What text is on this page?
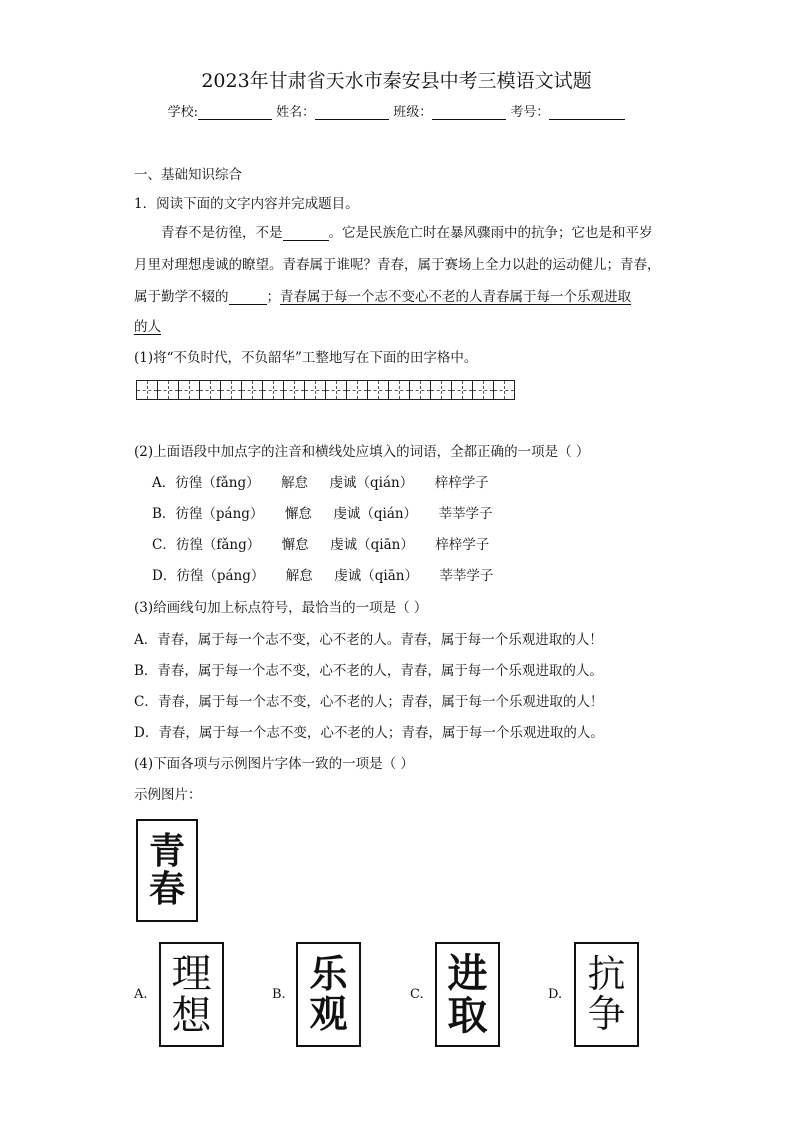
2023年甘肃省天水市秦安县中考三模语文试题
学校:	姓名：	班级：	考号：
一、基础知识综合
1．阅读下面的文字内容并完成题目。
青春不是彷徨，不是	。它是民族危亡时在暴风骤雨中的抗争；它也是和平岁
月里对理想虔诚的瞭望。青春属于谁呢？青春，属于赛场上全力以赴的运动健儿；青春，
属于勤学不辍的	；青春属于每一个志不变心不老的人青春属于每一个乐观进取
的人
(1)将“不负时代，不负韶华”工整地写在下面的田字格中。

(2)上面语段中加点字的注音和横线处应填入的词语，全都正确的一项是（ ）
A．彷徨（fǎng）     解怠     虔诚（qián）     梓梓学子
B．彷徨（páng）     懈怠     虔诚（qián）     莘莘学子
C．彷徨（fǎng）     懈怠     虔诚（qiān）     梓梓学子
D．彷徨（páng）     解怠     虔诚（qiān）     莘莘学子
(3)给画线句加上标点符号，最恰当的一项是（ ）
A．青春，属于每一个志不变，心不老的人。青春，属于每一个乐观进取的人！
B．青春，属于每一个志不变，心不老的人，青春，属于每一个乐观进取的人。
C．青春，属于每一个志不变，心不老的人；青春，属于每一个乐观进取的人！
D．青春，属于每一个志不变，心不老的人；青春，属于每一个乐观进取的人。
(4)下面各项与示例图片字体一致的一项是（ ）
示例图片：
青
春
A. 理
想	B. 乐
观	C. 进
取	D. 抗
争
